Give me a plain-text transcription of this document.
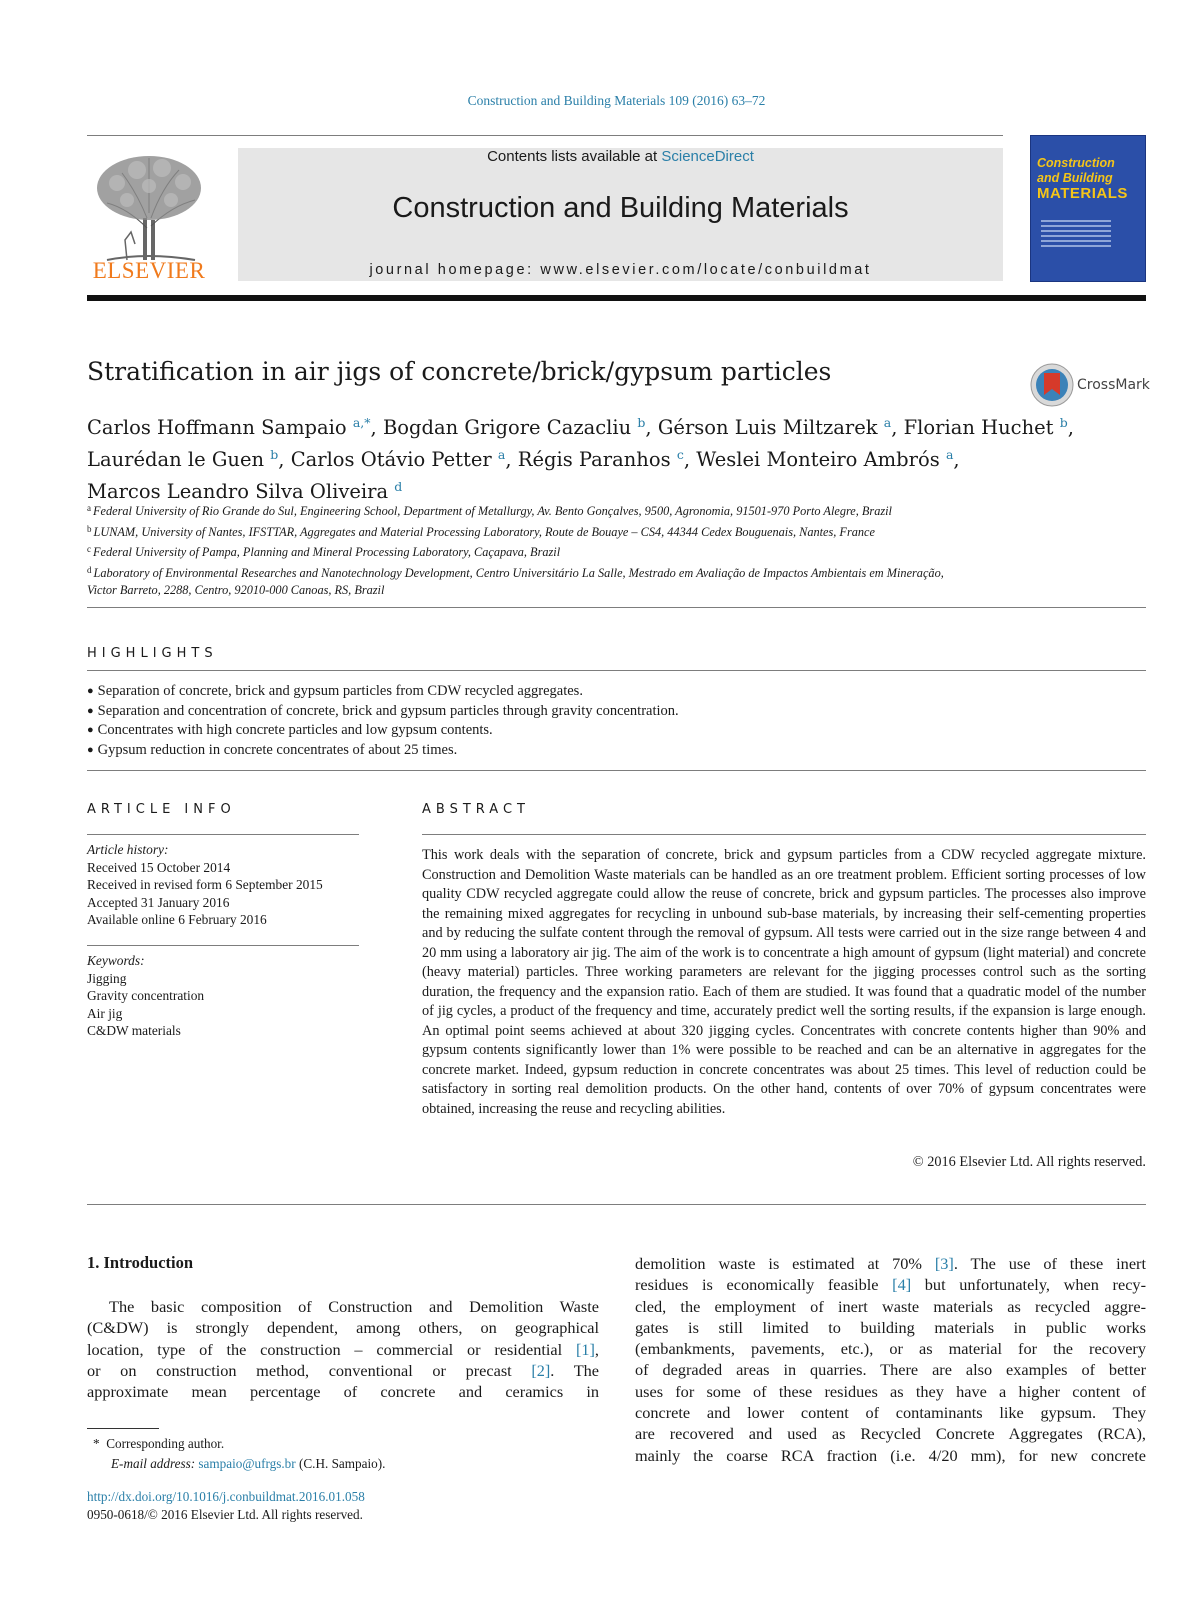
Construction and Building Materials 109 (2016) 63–72
ELSEVIER
Contents lists available at ScienceDirect
Construction and Building Materials
journal homepage: www.elsevier.com/locate/conbuildmat
Construction
and Building
MATERIALS
Stratification in air jigs of concrete/brick/gypsum particles	CrossMark
Carlos Hoffmann Sampaio $^{a,*}$, Bogdan Grigore Cazacliu $^b$, Gérson Luis Miltzarek $^a$, Florian Huchet $^b$,
Laurédan le Guen $^b$, Carlos Otávio Petter $^a$, Régis Paranhos $^c$, Weslei Monteiro Ambrós $^a$,
Marcos Leandro Silva Oliveira $^d$
$^a$ Federal University of Rio Grande do Sul, Engineering School, Department of Metallurgy, Av. Bento Gonçalves, 9500, Agronomia, 91501-970 Porto Alegre, Brazil
$^b$ LUNAM, University of Nantes, IFSTTAR, Aggregates and Material Processing Laboratory, Route de Bouaye – CS4, 44344 Cedex Bouguenais, Nantes, France
$^c$ Federal University of Pampa, Planning and Mineral Processing Laboratory, Caçapava, Brazil
$^d$ Laboratory of Environmental Researches and Nanotechnology Development, Centro Universitário La Salle, Mestrado em Avaliação de Impactos Ambientais em Mineração,
Victor Barreto, 2288, Centro, 92010-000 Canoas, RS, Brazil
HIGHLIGHTS
● Separation of concrete, brick and gypsum particles from CDW recycled aggregates.
● Separation and concentration of concrete, brick and gypsum particles through gravity concentration.
● Concentrates with high concrete particles and low gypsum contents.
● Gypsum reduction in concrete concentrates of about 25 times.
ARTICLE INFO
Article history:
Received 15 October 2014
Received in revised form 6 September 2015
Accepted 31 January 2016
Available online 6 February 2016
Keywords:
Jigging
Gravity concentration
Air jig
C&DW materials
ABSTRACT
This work deals with the separation of concrete, brick and gypsum particles from a CDW recycled aggregate mixture. Construction and Demolition Waste materials can be handled as an ore treatment problem. Efficient sorting processes of low quality CDW recycled aggregate could allow the reuse of concrete, brick and gypsum particles. The processes also improve the remaining mixed aggregates for recycling in unbound sub-base materials, by increasing their self-cementing properties and by reducing the sulfate content through the removal of gypsum. All tests were carried out in the size range between 4 and 20 mm using a laboratory air jig. The aim of the work is to concentrate a high amount of gypsum (light material) and concrete (heavy material) particles. Three working parameters are relevant for the jigging processes control such as the sorting duration, the frequency and the expansion ratio. Each of them are studied. It was found that a quadratic model of the number of jig cycles, a product of the frequency and time, accurately predict well the sorting results, if the expansion is large enough. An optimal point seems achieved at about 320 jigging cycles. Concentrates with concrete contents higher than 90% and gypsum contents significantly lower than 1% were possible to be reached and can be an alternative in aggregates for the concrete market. Indeed, gypsum reduction in concrete concentrates was about 25 times. This level of reduction could be satisfactory in sorting real demolition products. On the other hand, contents of over 70% of gypsum concentrates were obtained, increasing the reuse and recycling abilities.
© 2016 Elsevier Ltd. All rights reserved.
1. Introduction
The basic composition of Construction and Demolition Waste
(C&DW) is strongly dependent, among others, on geographical
location, type of the construction – commercial or residential [1],
or on construction method, conventional or precast [2]. The
approximate mean percentage of concrete and ceramics in
demolition waste is estimated at 70% [3]. The use of these inert
residues is economically feasible [4] but unfortunately, when recy-
cled, the employment of inert waste materials as recycled aggre-
gates is still limited to building materials in public works
(embankments, pavements, etc.), or as material for the recovery
of degraded areas in quarries. There are also examples of better
uses for some of these residues as they have a higher content of
concrete and lower content of contaminants like gypsum. They
are recovered and used as Recycled Concrete Aggregates (RCA),
mainly the coarse RCA fraction (i.e. 4/20 mm), for new concrete
* Corresponding author.
E-mail address: sampaio@ufrgs.br (C.H. Sampaio).
http://dx.doi.org/10.1016/j.conbuildmat.2016.01.058
0950-0618/© 2016 Elsevier Ltd. All rights reserved.
